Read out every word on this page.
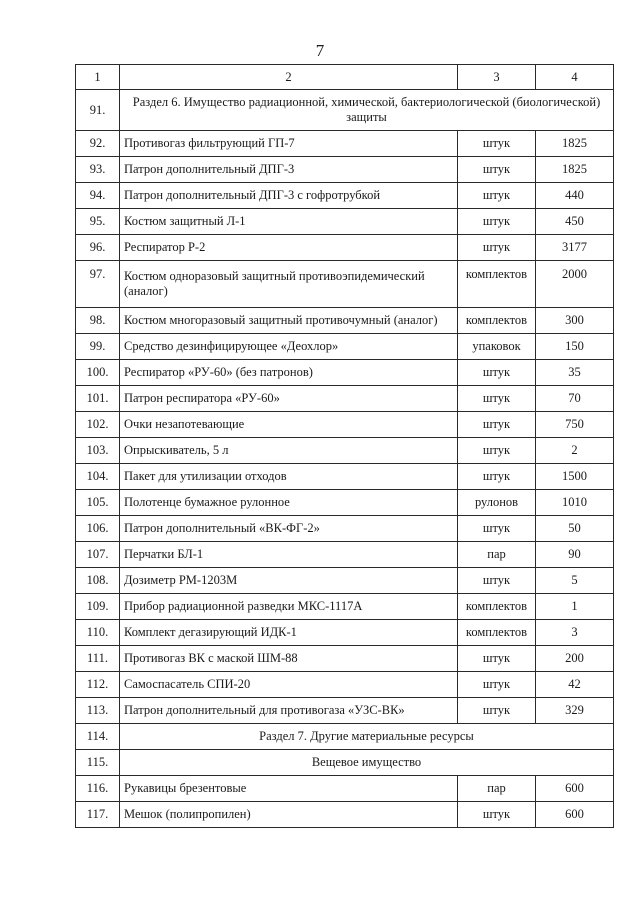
7
1	2	3	4
91.	Раздел 6. Имущество радиационной, химической, бактериологической (биологической) защиты		
92.	Противогаз фильтрующий ГП-7	штук	1825
93.	Патрон дополнительный ДПГ-3	штук	1825
94.	Патрон дополнительный ДПГ-3 с гофротрубкой	штук	440
95.	Костюм защитный Л-1	штук	450
96.	Респиратор Р-2	штук	3177
97.	Костюм одноразовый защитный противоэпидемический (аналог)	комплектов	2000
98.	Костюм многоразовый защитный противочумный (аналог)	комплектов	300
99.	Средство дезинфицирующее «Деохлор»	упаковок	150
100.	Респиратор «РУ-60» (без патронов)	штук	35
101.	Патрон респиратора «РУ-60»	штук	70
102.	Очки незапотевающие	штук	750
103.	Опрыскиватель, 5 л	штук	2
104.	Пакет для утилизации отходов	штук	1500
105.	Полотенце бумажное рулонное	рулонов	1010
106.	Патрон дополнительный «ВК-ФГ-2»	штук	50
107.	Перчатки БЛ-1	пар	90
108.	Дозиметр РМ-1203М	штук	5
109.	Прибор радиационной разведки МКС-1117А	комплектов	1
110.	Комплект дегазирующий ИДК-1	комплектов	3
111.	Противогаз ВК с маской ШМ-88	штук	200
112.	Самоспасатель СПИ-20	штук	42
113.	Патрон дополнительный для противогаза «УЗС-ВК»	штук	329
114.	Раздел 7. Другие материальные ресурсы		
115.	Вещевое имущество		
116.	Рукавицы брезентовые	пар	600
117.	Мешок (полипропилен)	штук	600
